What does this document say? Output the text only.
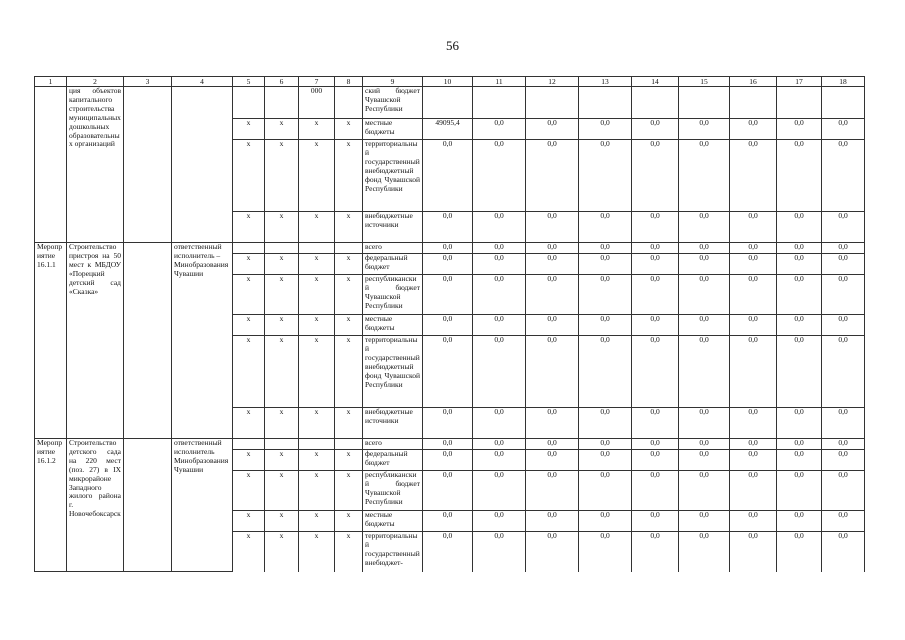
56
1	2	3	4	5	6	7	8	9	10	11	12	13	14	15	16	17	18
	ция объектов капитального строительства муниципальных дошкольных образовательных организаций					000		ский бюджет Чувашской Республики									
				x	x	x	x	местные бюджеты	49095,4	0,0	0,0	0,0	0,0	0,0	0,0	0,0	0,0
				x	x	x	x	территориальный государственный внебюджетный фонд Чувашской Республики	0,0	0,0	0,0	0,0	0,0	0,0	0,0	0,0	0,0
				x	x	x	x	внебюджетные источники	0,0	0,0	0,0	0,0	0,0	0,0	0,0	0,0	0,0
Мероприятие 16.1.1	Строительство пристроя на 50 мест к МБДОУ «Порецкий детский сад «Сказка»		ответственный исполнитель – Минобразования Чувашии					всего	0,0	0,0	0,0	0,0	0,0	0,0	0,0	0,0	0,0
				x	x	x	x	федеральный бюджет	0,0	0,0	0,0	0,0	0,0	0,0	0,0	0,0	0,0
				x	x	x	x	республиканский бюджет Чувашской Республики	0,0	0,0	0,0	0,0	0,0	0,0	0,0	0,0	0,0
				x	x	x	x	местные бюджеты	0,0	0,0	0,0	0,0	0,0	0,0	0,0	0,0	0,0
				x	x	x	x	территориальный государственный внебюджетный фонд Чувашской Республики	0,0	0,0	0,0	0,0	0,0	0,0	0,0	0,0	0,0
				x	x	x	x	внебюджетные источники	0,0	0,0	0,0	0,0	0,0	0,0	0,0	0,0	0,0
Мероприятие 16.1.2	Строительство детского сада на 220 мест (поз. 27) в IX микрорайоне Западного жилого района г. Новочебоксарск		ответственный исполнитель Минобразования Чувашии					всего	0,0	0,0	0,0	0,0	0,0	0,0	0,0	0,0	0,0
				x	x	x	x	федеральный бюджет	0,0	0,0	0,0	0,0	0,0	0,0	0,0	0,0	0,0
				x	x	x	x	республиканский бюджет Чувашской Республики	0,0	0,0	0,0	0,0	0,0	0,0	0,0	0,0	0,0
				x	x	x	x	местные бюджеты	0,0	0,0	0,0	0,0	0,0	0,0	0,0	0,0	0,0
				x	x	x	x	территориальный государственный внебюджет-	0,0	0,0	0,0	0,0	0,0	0,0	0,0	0,0	0,0
